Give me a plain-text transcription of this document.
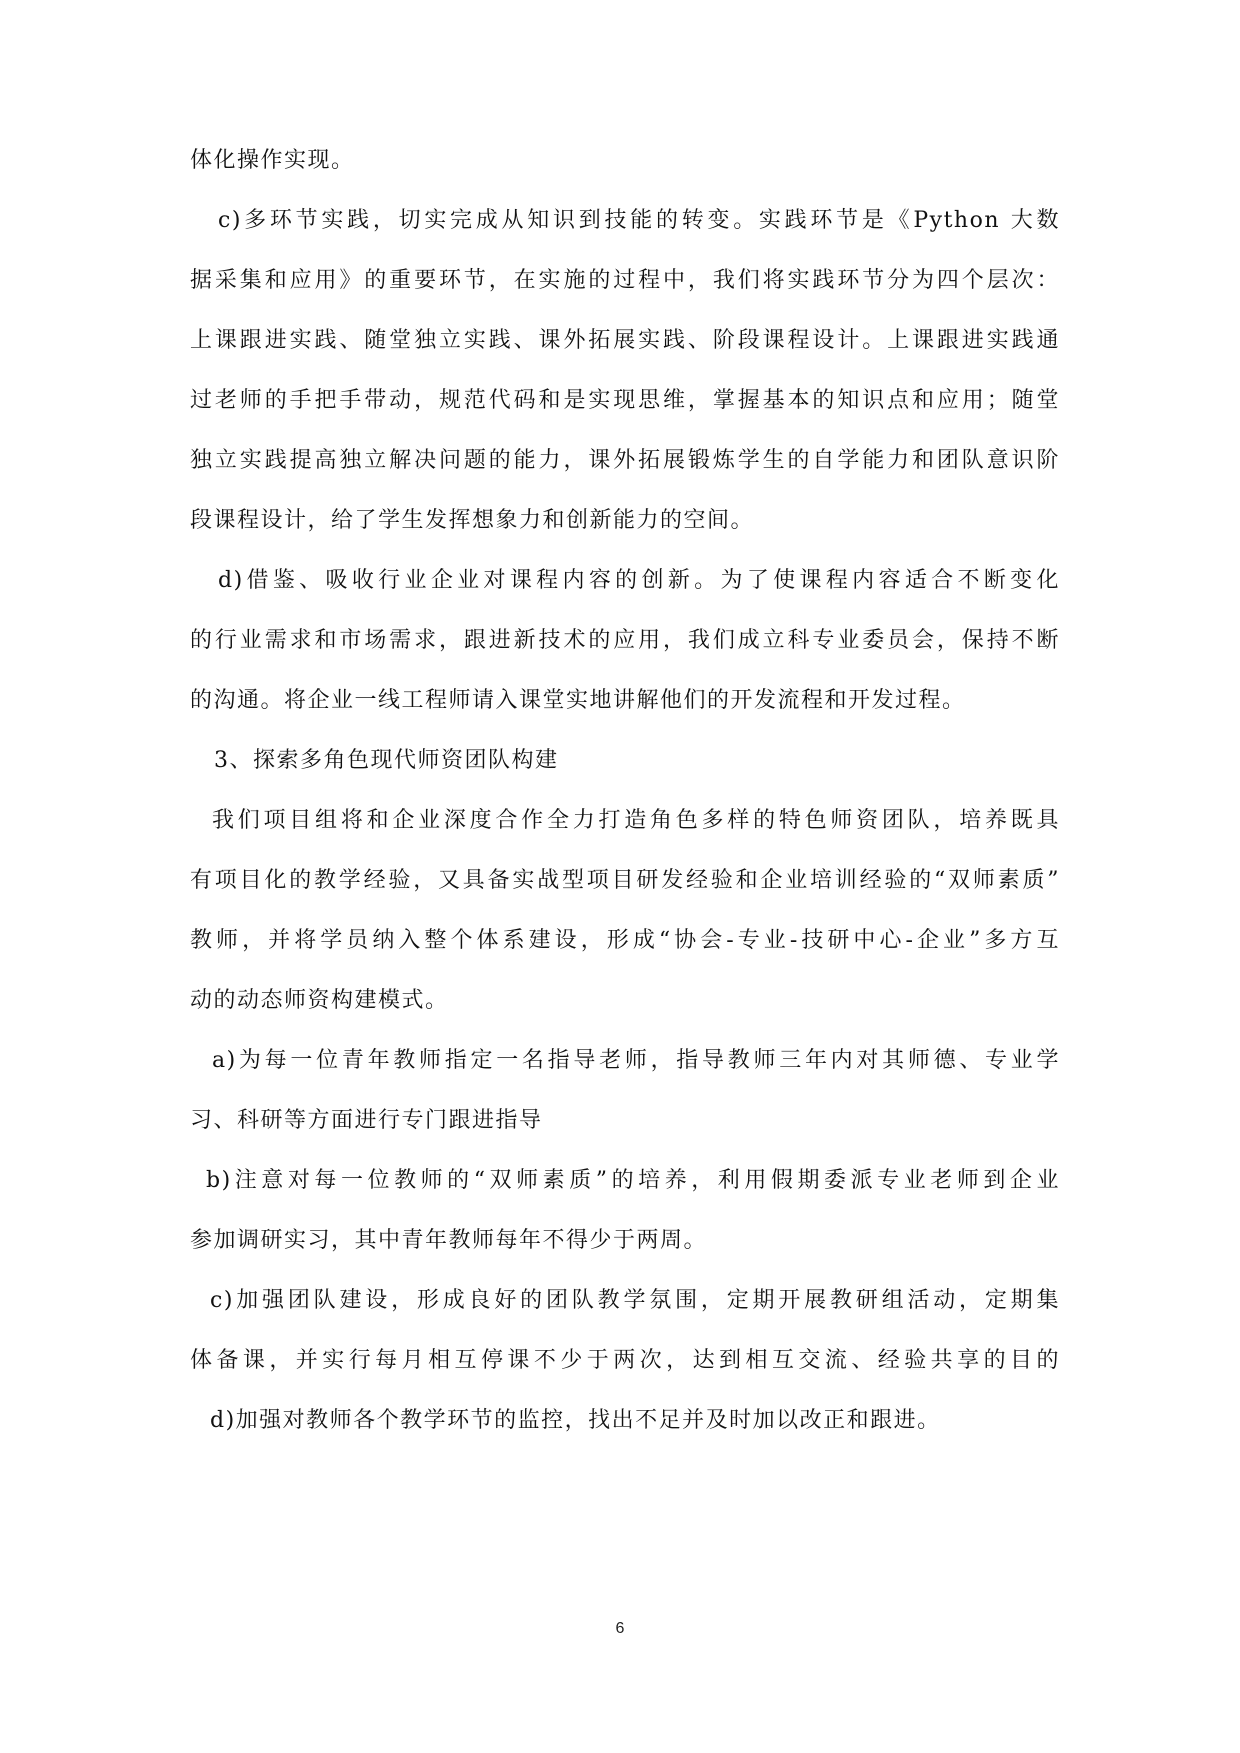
体化操作实现。
c)多环节实践，切实完成从知识到技能的转变。实践环节是《Python 大数
据采集和应用》的重要环节，在实施的过程中，我们将实践环节分为四个层次：
上课跟进实践、随堂独立实践、课外拓展实践、阶段课程设计。上课跟进实践通
过老师的手把手带动，规范代码和是实现思维，掌握基本的知识点和应用；随堂
独立实践提高独立解决问题的能力，课外拓展锻炼学生的自学能力和团队意识阶
段课程设计，给了学生发挥想象力和创新能力的空间。
d)借鉴、吸收行业企业对课程内容的创新。为了使课程内容适合不断变化
的行业需求和市场需求，跟进新技术的应用，我们成立科专业委员会，保持不断
的沟通。将企业一线工程师请入课堂实地讲解他们的开发流程和开发过程。
3、探索多角色现代师资团队构建
我们项目组将和企业深度合作全力打造角色多样的特色师资团队，培养既具
有项目化的教学经验，又具备实战型项目研发经验和企业培训经验的“双师素质”
教师，并将学员纳入整个体系建设，形成“协会-专业-技研中心-企业”多方互
动的动态师资构建模式。
a)为每一位青年教师指定一名指导老师，指导教师三年内对其师德、专业学
习、科研等方面进行专门跟进指导
b)注意对每一位教师的“双师素质”的培养，利用假期委派专业老师到企业
参加调研实习，其中青年教师每年不得少于两周。
c)加强团队建设，形成良好的团队教学氛围，定期开展教研组活动，定期集
体备课，并实行每月相互停课不少于两次，达到相互交流、经验共享的目的
d)加强对教师各个教学环节的监控，找出不足并及时加以改正和跟进。
6
